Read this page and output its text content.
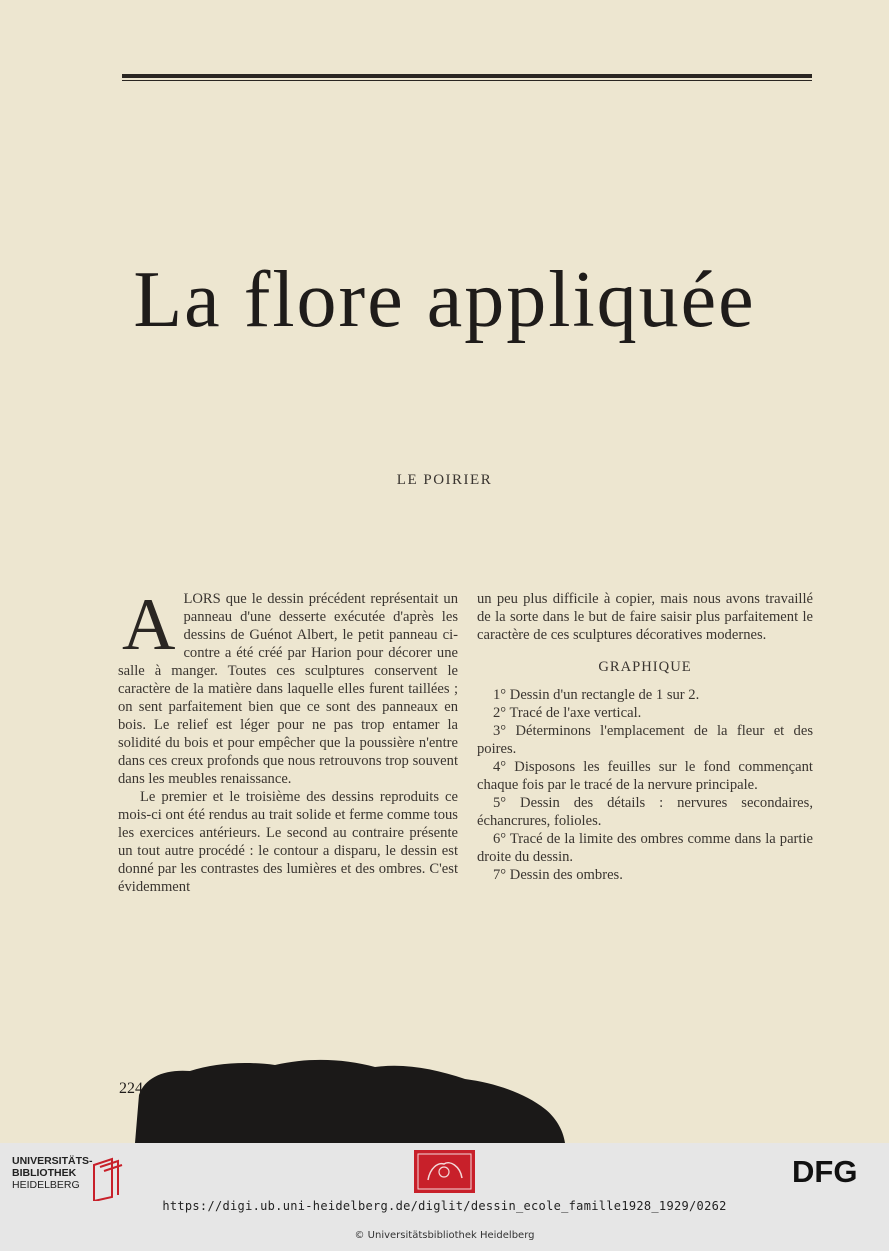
La flore appliquée
LE POIRIER

ALORS que le dessin précédent représentait un panneau d'une desserte exécutée d'après les dessins de Guénot Albert, le petit panneau ci-contre a été créé par Harion pour décorer une salle à manger. Toutes ces sculptures conservent le caractère de la matière dans laquelle elles furent taillées ; on sent parfaitement bien que ce sont des panneaux en bois. Le relief est léger pour ne pas trop entamer la solidité du bois et pour empêcher que la poussière n'entre dans ces creux profonds que nous retrouvons trop souvent dans les meubles renaissance.

Le premier et le troisième des dessins reproduits ce mois-ci ont été rendus au trait solide et ferme comme tous les exercices antérieurs. Le second au contraire présente un tout autre procédé : le contour a disparu, le dessin est donné par les contrastes des lumières et des ombres. C'est évidemment

un peu plus difficile à copier, mais nous avons travaillé de la sorte dans le but de faire saisir plus parfaitement le caractère de ces sculptures décoratives modernes.

GRAPHIQUE

1° Dessin d'un rectangle de 1 sur 2.

2° Tracé de l'axe vertical.

3° Déterminons l'emplacement de la fleur et des poires.

4° Disposons les feuilles sur le fond commençant chaque fois par le tracé de la nervure principale.

5° Dessin des détails : nervures secondaires, échancrures, folioles.

6° Tracé de la limite des ombres comme dans la partie droite du dessin.

7° Dessin des ombres.

224
UNIVERSITÄTS-
BIBLIOTHEK
HEIDELBERG	DFG
https://digi.ub.uni-heidelberg.de/diglit/dessin_ecole_famille1928_1929/0262
© Universitätsbibliothek Heidelberg
